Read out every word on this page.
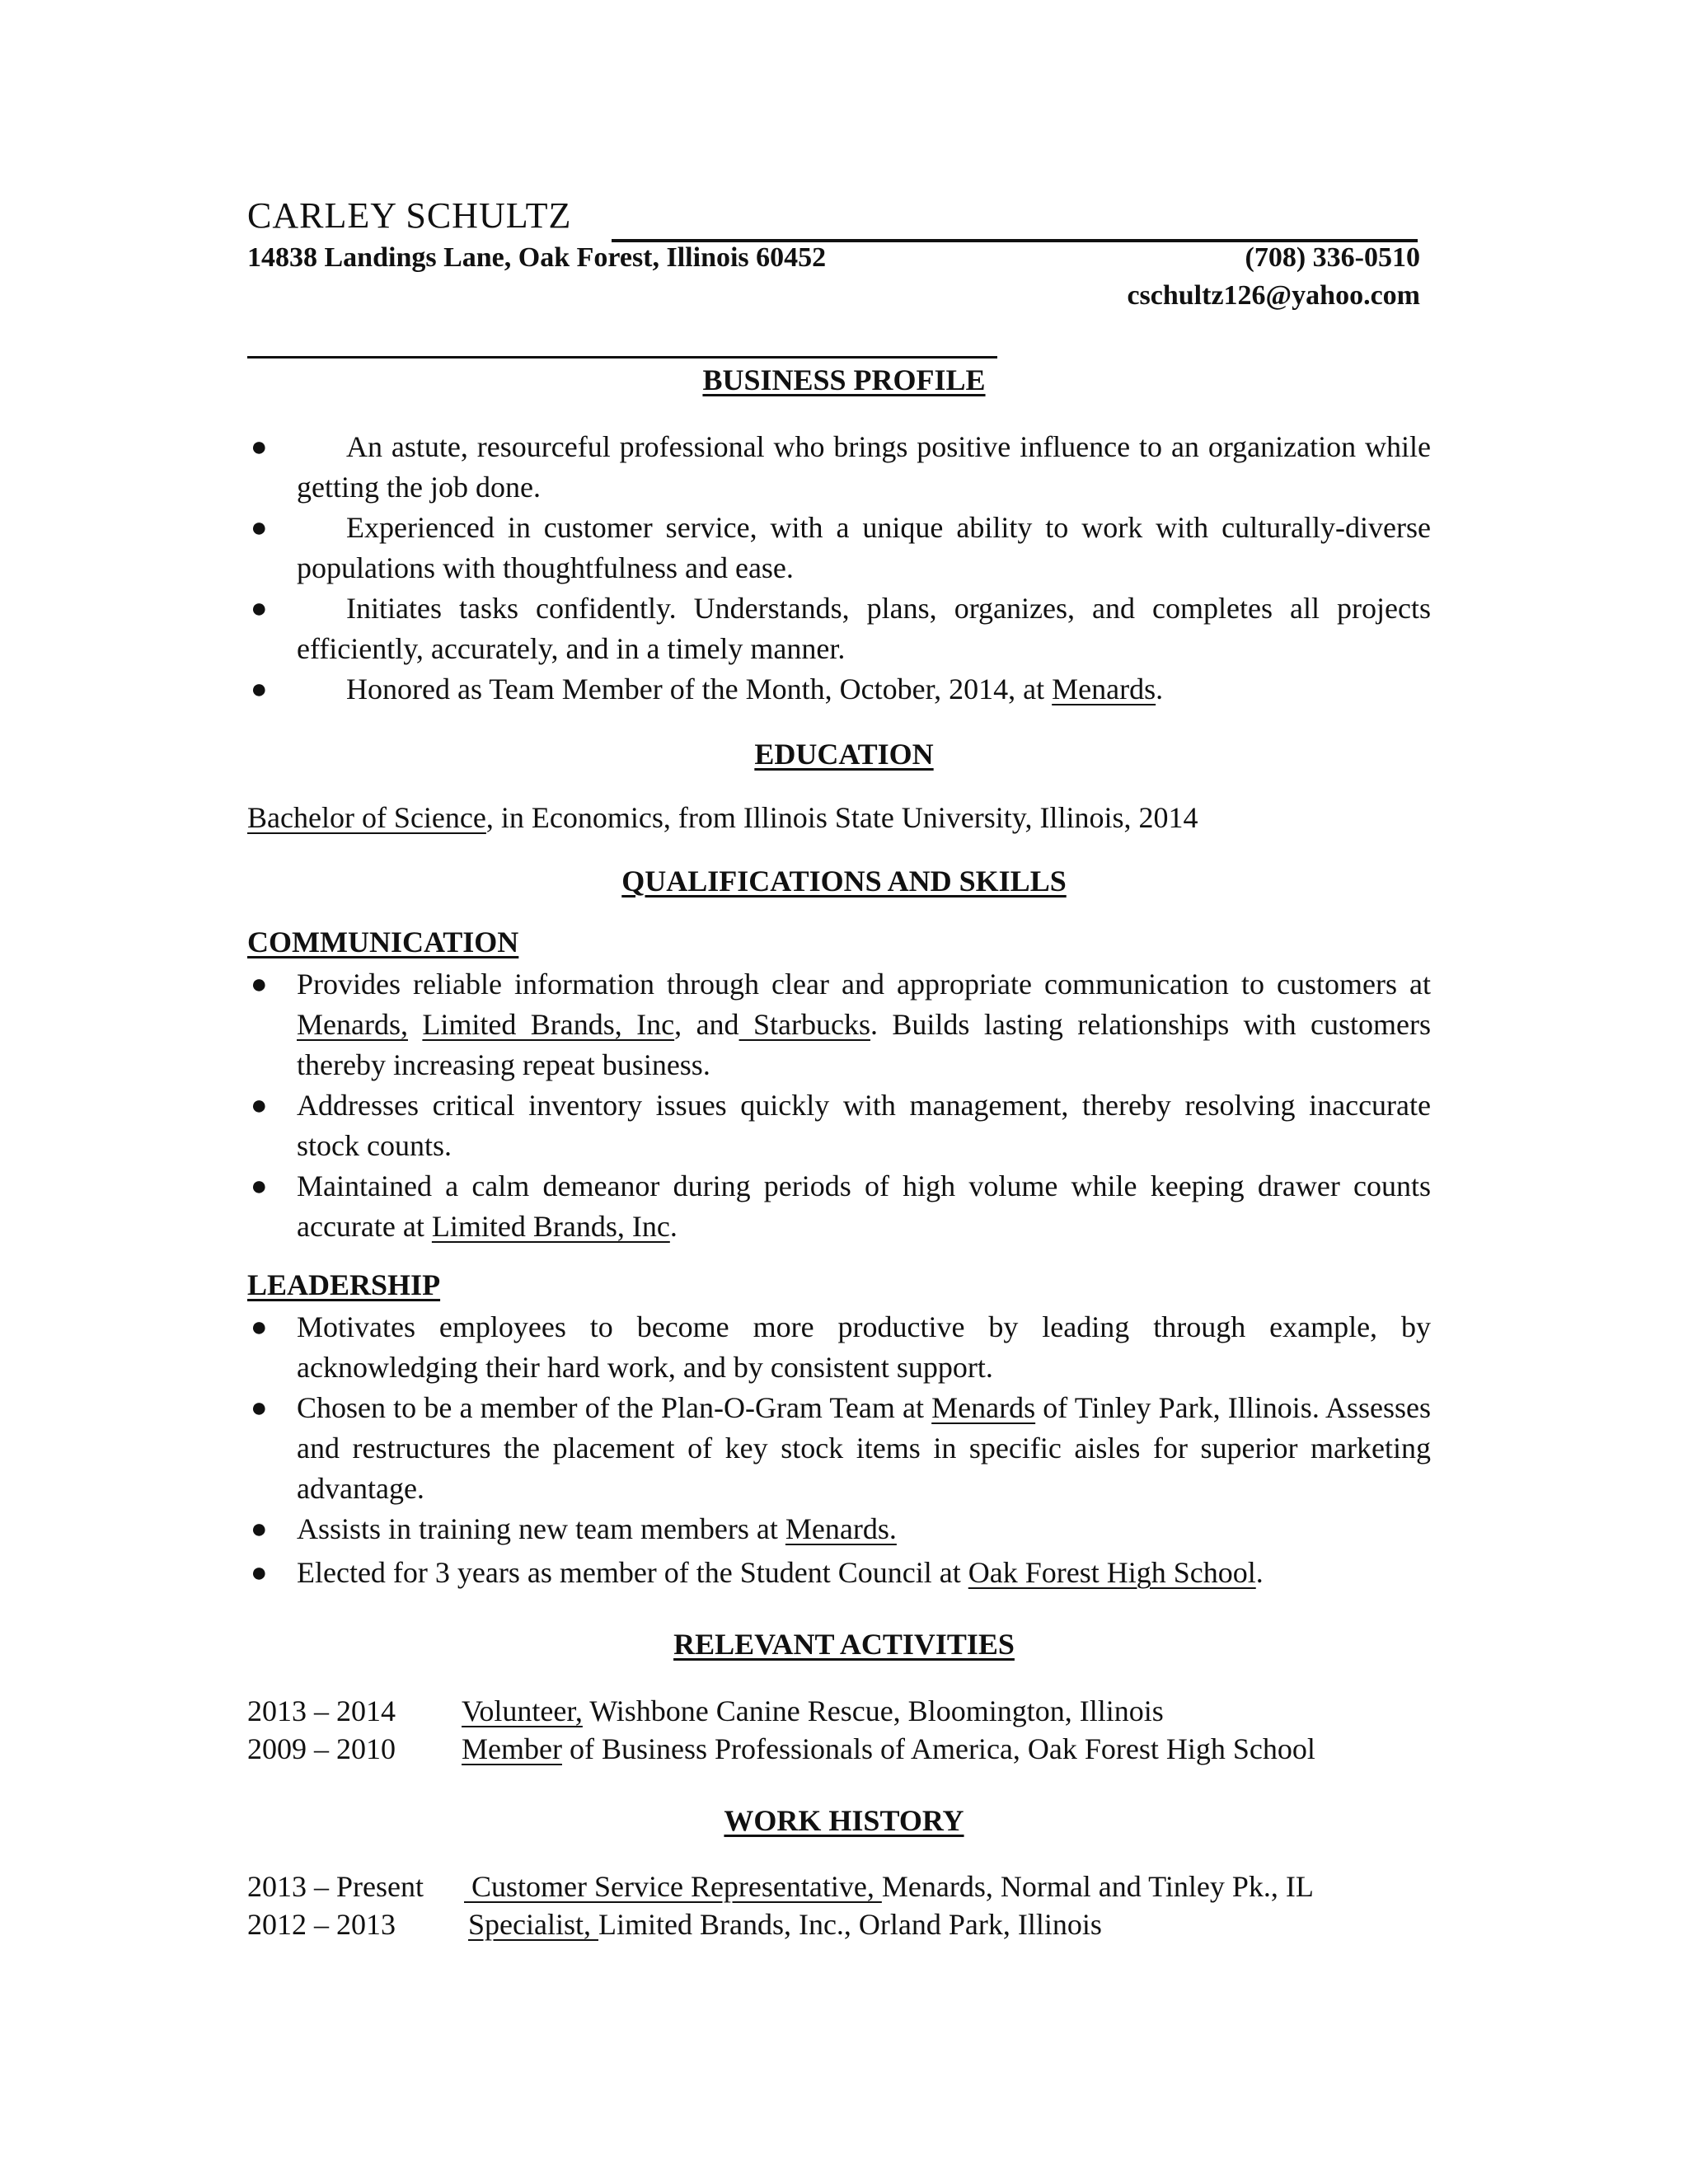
CARLEY SCHULTZ
14838 Landings Lane, Oak Forest, Illinois 60452	(708) 336-0510
cschultz126@yahoo.com
BUSINESS PROFILE
●	An astute, resourceful professional who brings positive influence to an organization while getting the job done.
●	Experienced in customer service, with a unique ability to work with culturally-diverse populations with thoughtfulness and ease.
●	Initiates tasks confidently. Understands, plans, organizes, and completes all projects efficiently, accurately, and in a timely manner.
●	Honored as Team Member of the Month, October, 2014, at Menards.
EDUCATION
Bachelor of Science, in Economics, from Illinois State University, Illinois, 2014
QUALIFICATIONS AND SKILLS
COMMUNICATION
● Provides reliable information through clear and appropriate communication to customers at Menards, Limited Brands, Inc, and Starbucks. Builds lasting relationships with customers thereby increasing repeat business.
● Addresses critical inventory issues quickly with management, thereby resolving inaccurate stock counts.
● Maintained a calm demeanor during periods of high volume while keeping drawer counts accurate at Limited Brands, Inc.
LEADERSHIP
● Motivates employees to become more productive by leading through example, by acknowledging their hard work, and by consistent support.
● Chosen to be a member of the Plan-O-Gram Team at Menards of Tinley Park, Illinois. Assesses and restructures the placement of key stock items in specific aisles for superior marketing advantage.
● Assists in training new team members at Menards.
● Elected for 3 years as member of the Student Council at Oak Forest High School.
RELEVANT ACTIVITIES
2013 – 2014 Volunteer, Wishbone Canine Rescue, Bloomington, Illinois
2009 – 2010 Member of Business Professionals of America, Oak Forest High School
WORK HISTORY
2013 – Present Customer Service Representative, Menards, Normal and Tinley Pk., IL
2012 – 2013 Specialist, Limited Brands, Inc., Orland Park, Illinois
